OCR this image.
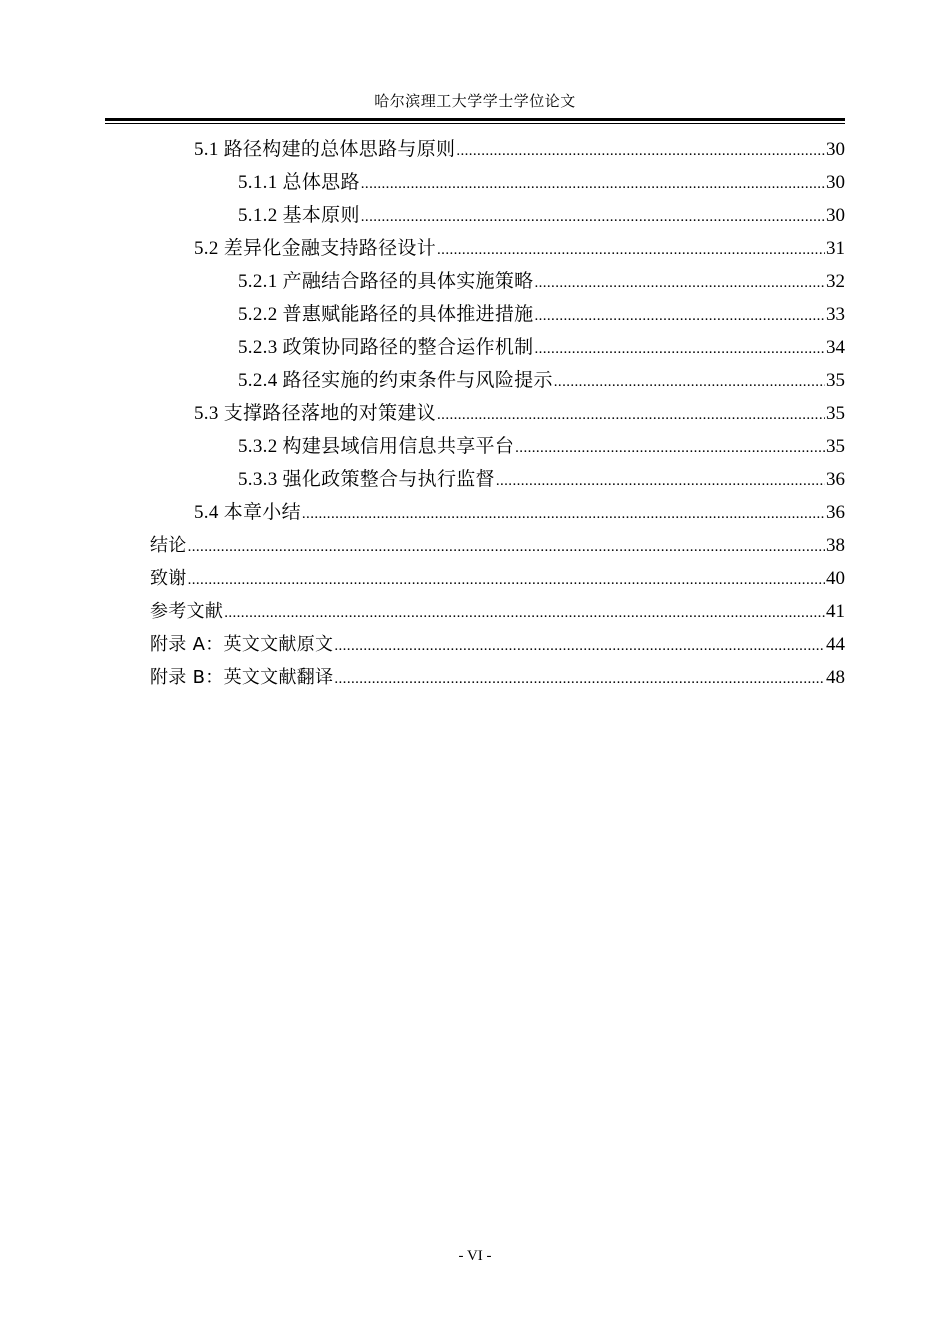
哈尔滨理工大学学士学位论文
5.1 路径构建的总体思路与原则 .....	30
5.1.1 总体思路 .....	30
5.1.2 基本原则 .....	30
5.2 差异化金融支持路径设计 .....	31
5.2.1 产融结合路径的具体实施策略 .....	32
5.2.2 普惠赋能路径的具体推进措施 .....	33
5.2.3 政策协同路径的整合运作机制 .....	34
5.2.4 路径实施的约束条件与风险提示 .....	35
5.3 支撑路径落地的对策建议 .....	35
5.3.2 构建县域信用信息共享平台 .....	35
5.3.3 强化政策整合与执行监督 .....	36
5.4 本章小结 .....	36
结论 .....	38
致谢 .....	40
参考文献 .....	41
附录 A：英文文献原文 .....	44
附录 B：英文文献翻译 .....	48
- VI -
